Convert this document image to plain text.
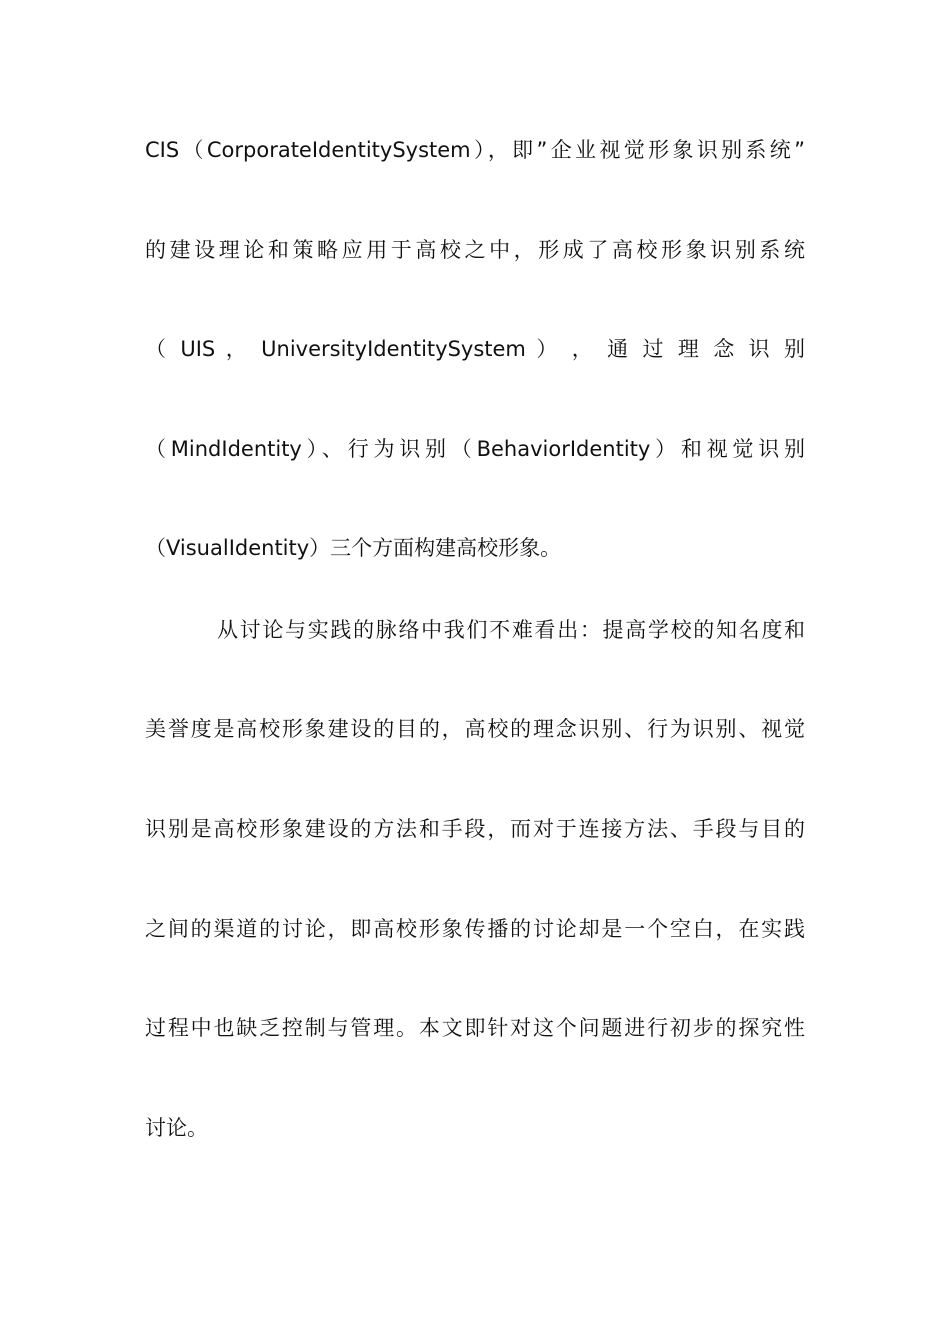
CIS（CorporateIdentitySystem），即”企业视觉形象识别系统”
的建设理论和策略应用于高校之中，形成了高校形象识别系统
（ UIS ， UniversityIdentitySystem ） ， 通 过 理 念 识 别
（MindIdentity）、行为识别（BehaviorIdentity）和视觉识别
（VisualIdentity）三个方面构建高校形象。
从讨论与实践的脉络中我们不难看出：提高学校的知名度和
美誉度是高校形象建设的目的，高校的理念识别、行为识别、视觉
识别是高校形象建设的方法和手段，而对于连接方法、手段与目的
之间的渠道的讨论，即高校形象传播的讨论却是一个空白，在实践
过程中也缺乏控制与管理。本文即针对这个问题进行初步的探究性
讨论。
